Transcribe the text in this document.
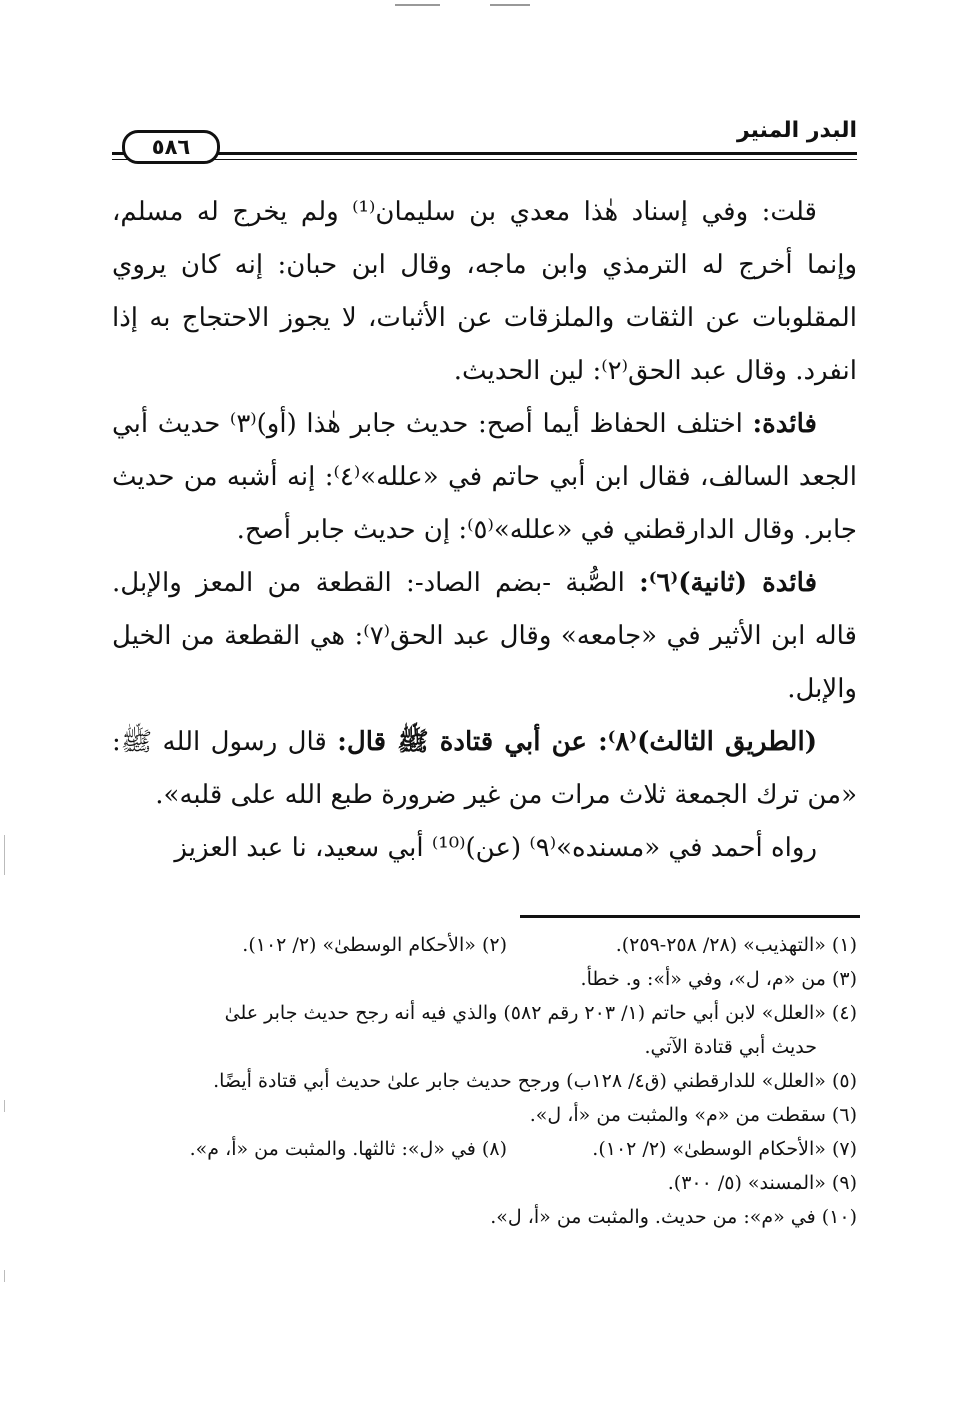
البدر المنير
٥٨٦

قلت: وفي إسناد هٰذا معدي بن سليمان⁽¹⁾ ولم يخرج له مسلم، وإنما أخرج له الترمذي وابن ماجه، وقال ابن حبان: إنه كان يروي المقلوبات عن الثقات والملزقات عن الأثبات، لا يجوز الاحتجاج به إذا انفرد. وقال عبد الحق⁽٢⁾: لين الحديث.

فائدة: اختلف الحفاظ أيما أصح: حديث جابر هٰذا (أو)⁽٣⁾ حديث أبي الجعد السالف، فقال ابن أبي حاتم في «علله»⁽٤⁾: إنه أشبه من حديث جابر. وقال الدارقطني في «علله»⁽٥⁾: إن حديث جابر أصح.

فائدة (ثانية)⁽٦⁾: الصُّبة -بضم الصاد-: القطعة من المعز والإبل. قاله ابن الأثير في «جامعه» وقال عبد الحق⁽٧⁾: هي القطعة من الخيل والإبل.

(الطريق الثالث)⁽٨⁾: عن أبي قتادة ﷺ قال: قال رسول الله ﷺ: «من ترك الجمعة ثلاث مرات من غير ضرورة طبع الله على قلبه».

رواه أحمد في «مسنده»⁽٩⁾ (عن)⁽¹⁰⁾ أبي سعيد، نا عبد العزيز

(١) «التهذيب» (٢٨/ ٢٥٨-٢٥٩).
(٢) «الأحكام الوسطىٰ» (٢/ ١٠٢).

(٣) من «م، ل»، وفي «أ»: و. خطأ.

(٤) «العلل» لابن أبي حاتم (١/ ٢٠٣ رقم ٥٨٢) والذي فيه أنه رجح حديث جابر علىٰ

حديث أبي قتادة الآتي.

(٥) «العلل» للدارقطني (ق٤/ ١٢٨ب) ورجح حديث جابر علىٰ حديث أبي قتادة أيضًا.

(٦) سقطت من «م» والمثبت من «أ، ل».

(٧) «الأحكام الوسطىٰ» (٢/ ١٠٢).
(٨) في «ل»: ثالثها. والمثبت من «أ، م».

(٩) «المسند» (٥/ ٣٠٠).

(١٠) في «م»: من حديث. والمثبت من «أ، ل».
